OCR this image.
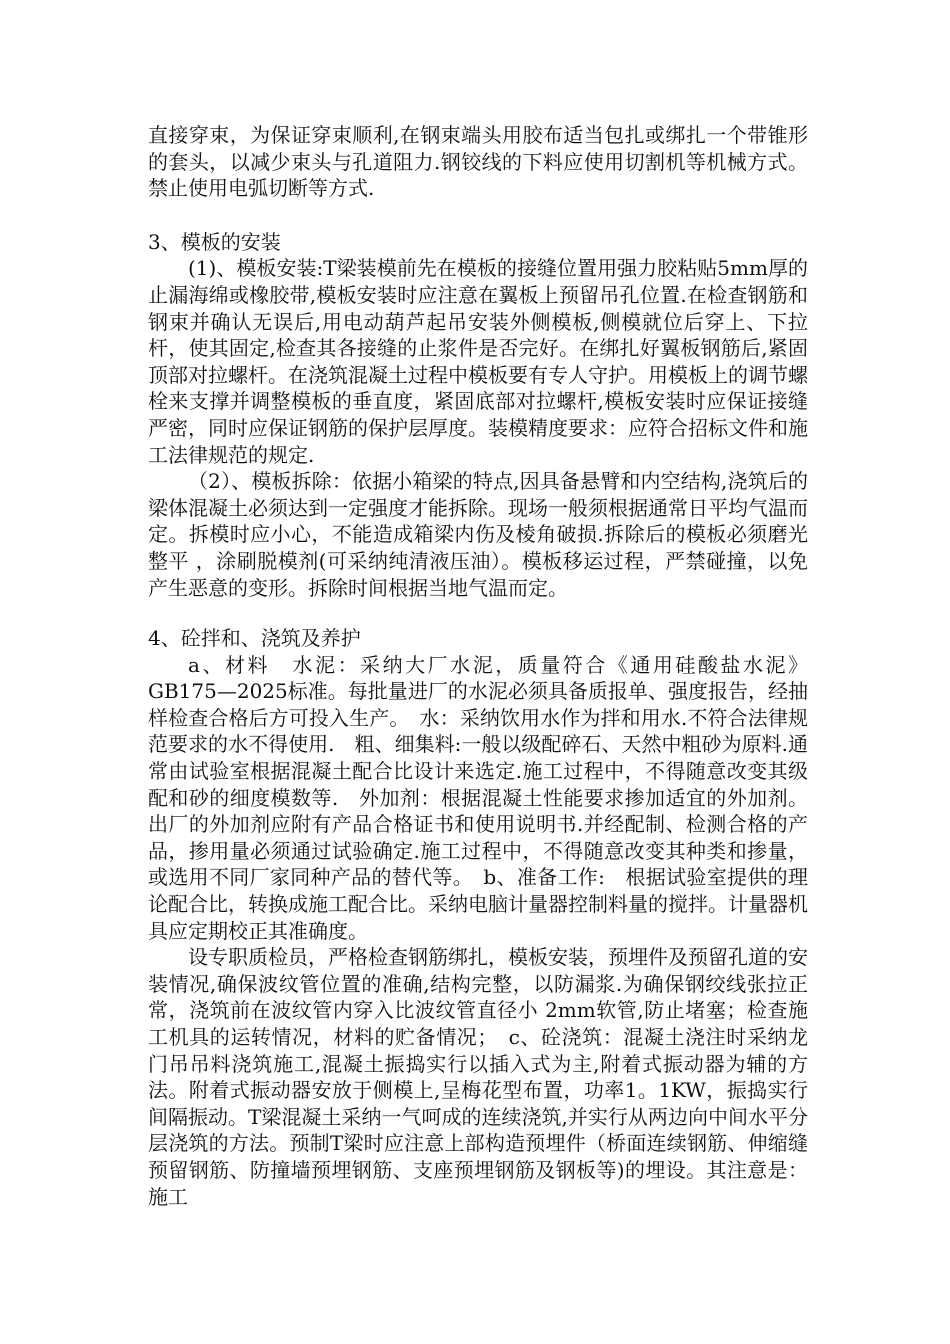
直接穿束，为保证穿束顺利,在钢束端头用胶布适当包扎或绑扎一个带锥形的套头，以减少束头与孔道阻力.钢铰线的下料应使用切割机等机械方式。禁止使用电弧切断等方式.

3、模板的安装

(1)、模板安装:T梁装模前先在模板的接缝位置用强力胶粘贴5mm厚的止漏海绵或橡胶带,模板安装时应注意在翼板上预留吊孔位置.在检查钢筋和钢束并确认无误后,用电动葫芦起吊安装外侧模板,侧模就位后穿上、下拉杆，使其固定,检查其各接缝的止浆件是否完好。在绑扎好翼板钢筋后,紧固顶部对拉螺杆。在浇筑混凝土过程中模板要有专人守护。用模板上的调节螺栓来支撑并调整模板的垂直度，紧固底部对拉螺杆,模板安装时应保证接缝严密，同时应保证钢筋的保护层厚度。装模精度要求：应符合招标文件和施工法律规范的规定.

（2）、模板拆除：依据小箱梁的特点,因具备悬臂和内空结构,浇筑后的梁体混凝土必须达到一定强度才能拆除。现场一般须根据通常日平均气温而定。拆模时应小心，不能造成箱梁内伤及棱角破损.拆除后的模板必须磨光整平 ，涂刷脱模剂(可采纳纯清液压油）。模板移运过程，严禁碰撞，以免产生恶意的变形。拆除时间根据当地气温而定。

4、砼拌和、浇筑及养护

a、材料　水泥：采纳大厂水泥，质量符合《通用硅酸盐水泥》GB175—2025标准。每批量进厂的水泥必须具备质报单、强度报告，经抽样检查合格后方可投入生产。　水：采纳饮用水作为拌和用水.不符合法律规范要求的水不得使用.　粗、细集料:一般以级配碎石、天然中粗砂为原料.通常由试验室根据混凝土配合比设计来选定.施工过程中，不得随意改变其级配和砂的细度模数等.　外加剂：根据混凝土性能要求掺加适宜的外加剂。出厂的外加剂应附有产品合格证书和使用说明书.并经配制、检测合格的产品，掺用量必须通过试验确定.施工过程中，不得随意改变其种类和掺量，或选用不同厂家同种产品的替代等。　b、准备工作:　根据试验室提供的理论配合比，转换成施工配合比。采纳电脑计量器控制料量的搅拌。计量器机具应定期校正其准确度。

设专职质检员，严格检查钢筋绑扎，模板安装，预埋件及预留孔道的安装情况,确保波纹管位置的准确,结构完整，以防漏浆.为确保钢绞线张拉正常，浇筑前在波纹管内穿入比波纹管直径小 2mm软管,防止堵塞；检查施工机具的运转情况，材料的贮备情况；　c、砼浇筑：混凝土浇注时采纳龙门吊吊料浇筑施工,混凝土振捣实行以插入式为主,附着式振动器为辅的方法。附着式振动器安放于侧模上,呈梅花型布置，功率1。1KW，振捣实行间隔振动。T梁混凝土采纳一气呵成的连续浇筑,并实行从两边向中间水平分层浇筑的方法。预制T梁时应注意上部构造预埋件（桥面连续钢筋、伸缩缝预留钢筋、防撞墙预埋钢筋、支座预埋钢筋及钢板等)的埋设。其注意是：施工
